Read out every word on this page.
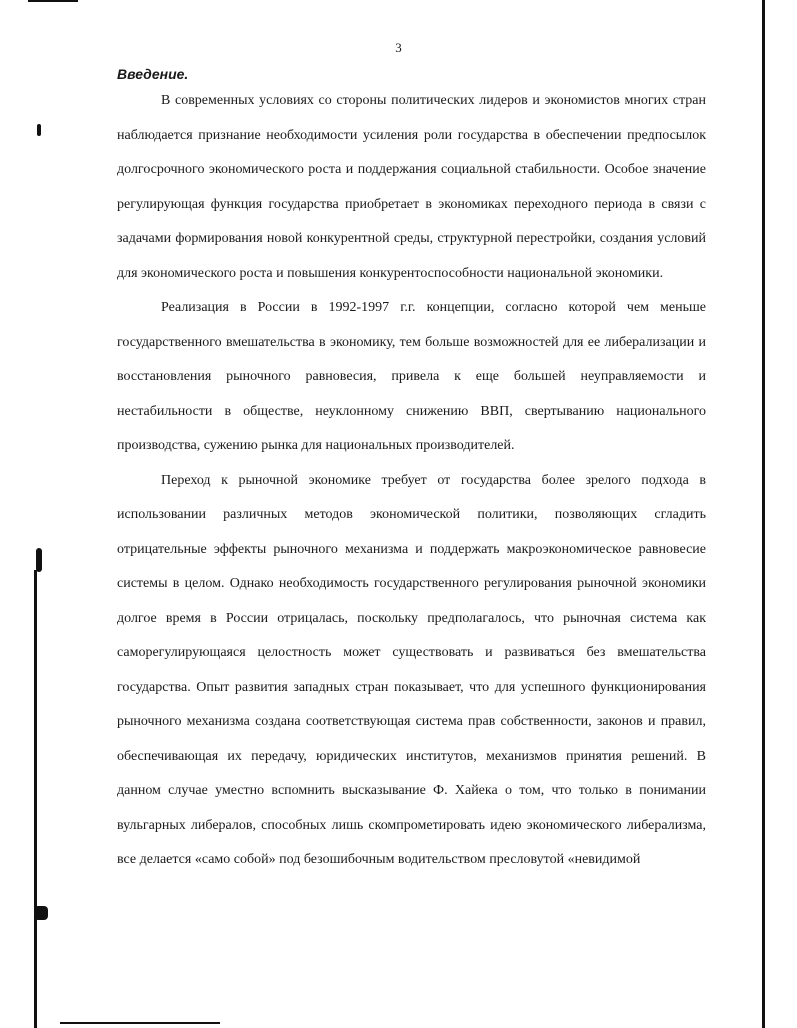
3
Введение.

В современных условиях со стороны политических лидеров и экономистов многих стран наблюдается признание необходимости усиления роли государства в обеспечении предпосылок долгосрочного экономического роста и поддержания социальной стабильности. Особое значение регулирующая функция государства приобретает в экономиках переходного периода в связи с задачами формирования новой конкурентной среды, структурной перестройки, создания условий для экономического роста и повышения конкурентоспособности национальной экономики.

Реализация в России в 1992-1997 г.г. концепции, согласно которой чем меньше государственного вмешательства в экономику, тем больше возможностей для ее либерализации и восстановления рыночного равновесия, привела к еще большей неуправляемости и нестабильности в обществе, неуклонному снижению ВВП, свертыванию национального производства, сужению рынка для национальных производителей.

Переход к рыночной экономике требует от государства более зрелого подхода в использовании различных методов экономической политики, позволяющих сгладить отрицательные эффекты рыночного механизма и поддержать макроэкономическое равновесие системы в целом. Однако необходимость государственного регулирования рыночной экономики долгое время в России отрицалась, поскольку предполагалось, что рыночная система как саморегулирующаяся целостность может существовать и развиваться без вмешательства государства. Опыт развития западных стран показывает, что для успешного функционирования рыночного механизма создана соответствующая система прав собственности, законов и правил, обеспечивающая их передачу, юридических институтов, механизмов принятия решений. В данном случае уместно вспомнить высказывание Ф. Хайека о том, что только в понимании вульгарных либералов, способных лишь скомпрометировать идею экономического либерализма, все делается «само собой» под безошибочным водительством пресловутой «невидимой
